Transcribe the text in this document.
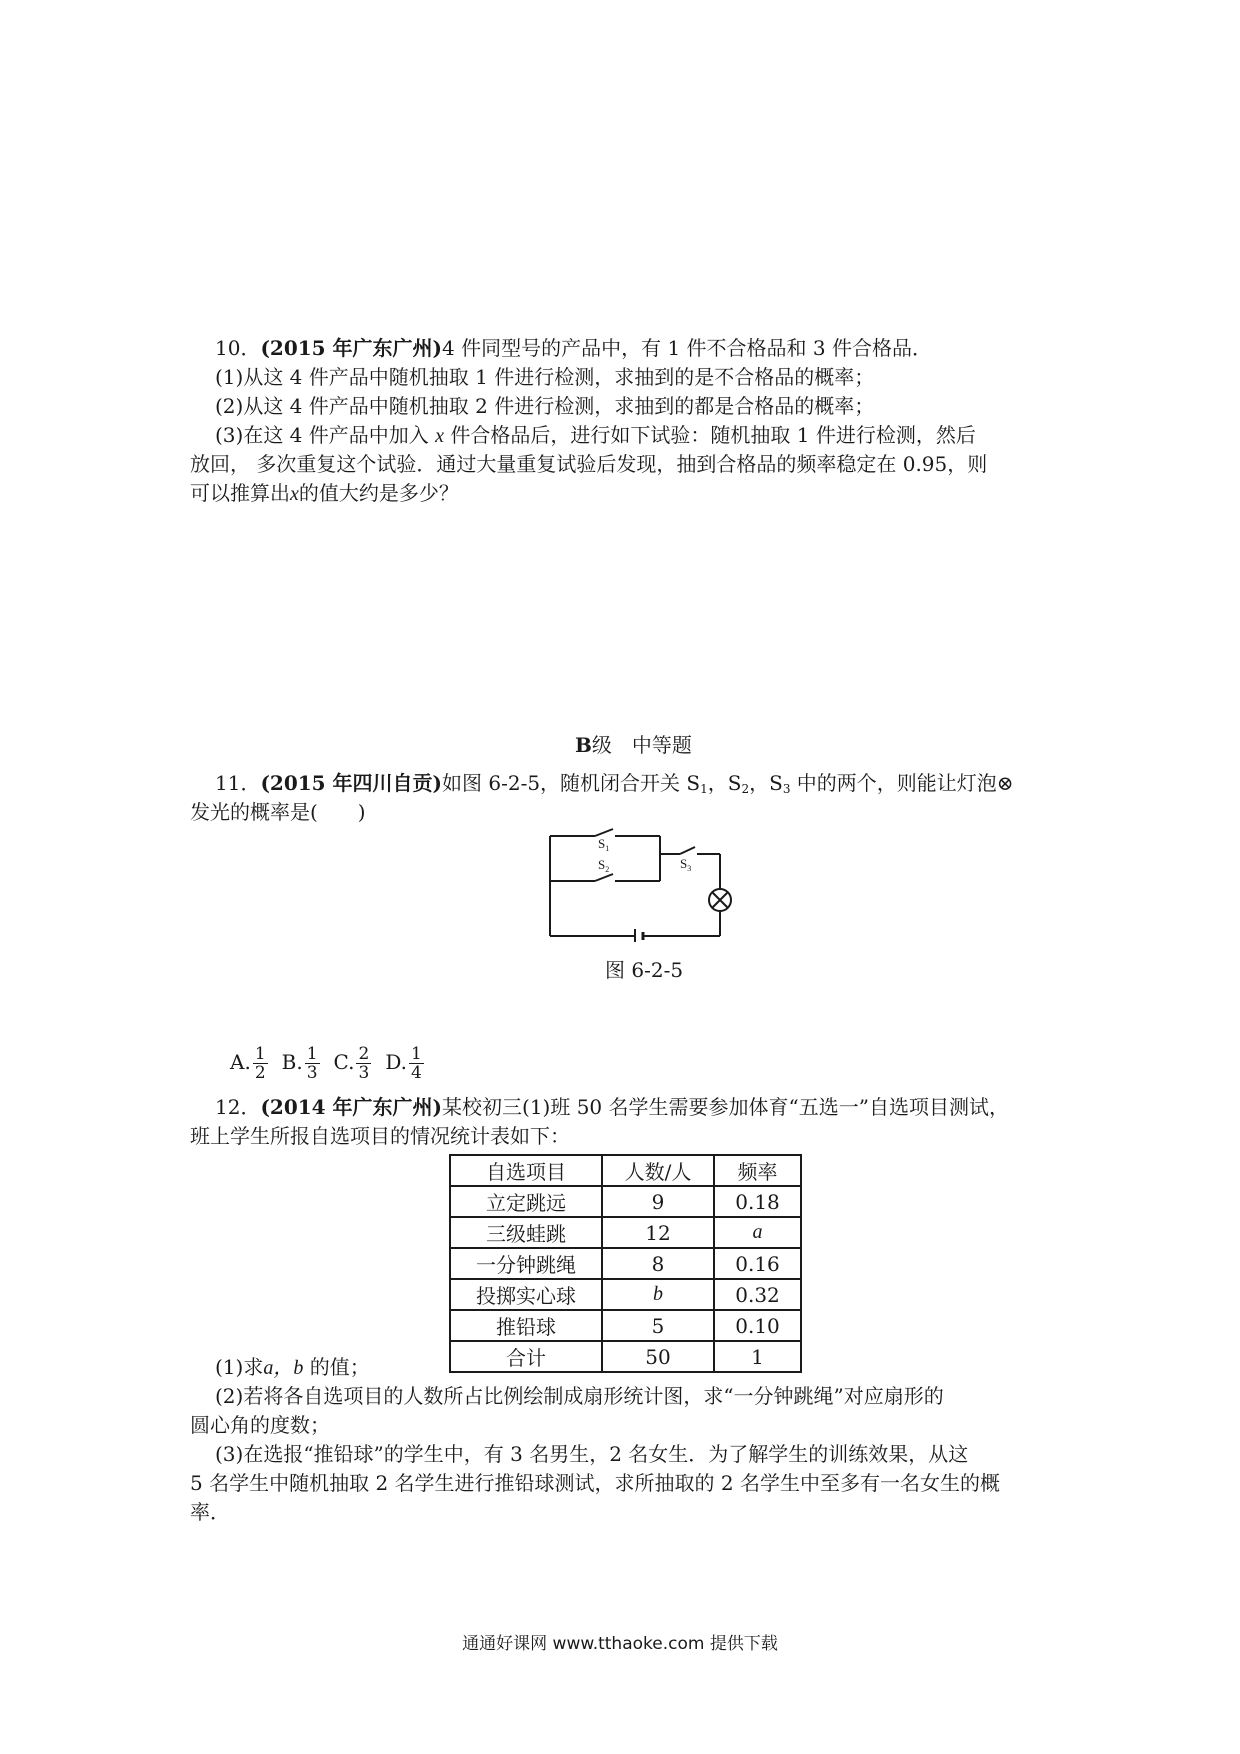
10．(2015 年广东广州)4 件同型号的产品中，有 1 件不合格品和 3 件合格品．
(1)从这 4 件产品中随机抽取 1 件进行检测，求抽到的是不合格品的概率；
(2)从这 4 件产品中随机抽取 2 件进行检测，求抽到的都是合格品的概率；
(3)在这 4 件产品中加入 x 件合格品后，进行如下试验：随机抽取 1 件进行检测，然后
放回， 多次重复这个试验．通过大量重复试验后发现，抽到合格品的频率稳定在 0.95，则
可以推算出x的值大约是多少？
B级　中等题
11．(2015 年四川自贡)如图 6-2-5，随机闭合开关 $S_1$，$S_2$，$S_3$ 中的两个，则能让灯泡⊗
发光的概率是(　　)
$S_1$
$S_2$	$S_3$
图 6-2-5
A. $\frac{1}{2} B$. $\frac{1}{3} C$. $\frac{2}{3} D$. $\frac{1}{4}$
12．(2014 年广东广州)某校初三(1)班 50 名学生需要参加体育“五选一”自选项目测试，
班上学生所报自选项目的情况统计表如下：
自选项目	人数/人	频率
立定跳远	9	0.18
三级蛙跳	12	a
一分钟跳绳	8	0.16
投掷实心球	b	0.32
推铅球	5	0.10
合计	50	1
(1)求a，b 的值；
(2)若将各自选项目的人数所占比例绘制成扇形统计图，求“一分钟跳绳”对应扇形的
圆心角的度数；
(3)在选报“推铅球”的学生中，有 3 名男生，2 名女生．为了解学生的训练效果，从这
5 名学生中随机抽取 2 名学生进行推铅球测试，求所抽取的 2 名学生中至多有一名女生的概
率．
通通好课网 www.tthaoke.com 提供下载
